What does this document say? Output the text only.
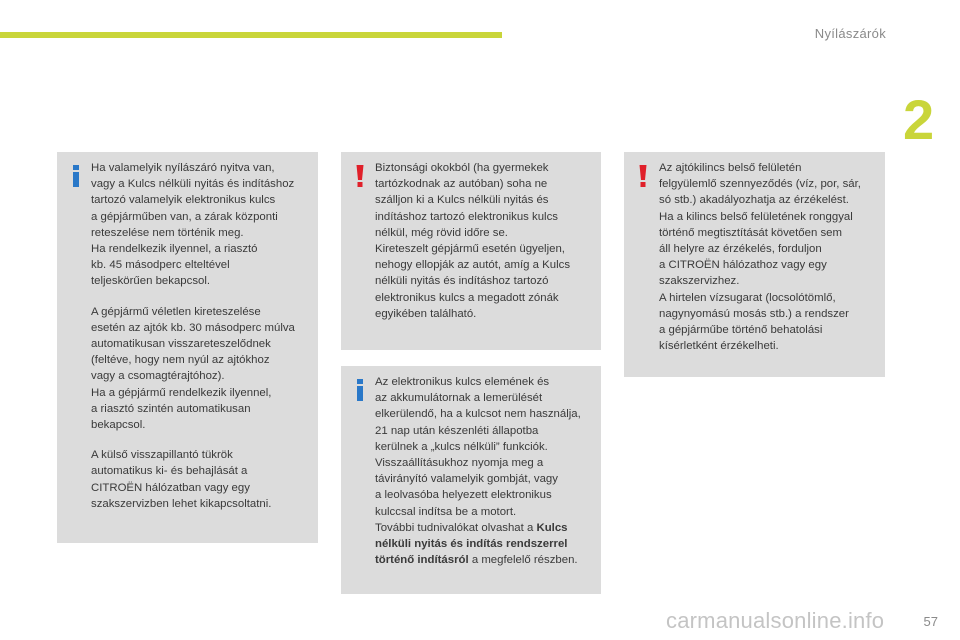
Nyílászárók
2

Ha valamelyik nyílászáró nyitva van,
vagy a Kulcs nélküli nyitás és indításhoz
tartozó valamelyik elektronikus kulcs
a gépjárműben van, a zárak központi
reteszelése nem történik meg.
Ha rendelkezik ilyennel, a riasztó
kb. 45 másodperc elteltével
teljeskörűen bekapcsol.

A gépjármű véletlen kireteszelése
esetén az ajtók kb. 30 másodperc múlva
automatikusan visszareteszelődnek
(feltéve, hogy nem nyúl az ajtókhoz
vagy a csomagtérajtóhoz).
Ha a gépjármű rendelkezik ilyennel,
a riasztó szintén automatikusan
bekapcsol.

A külső visszapillantó tükrök
automatikus ki- és behajlását a
CITROËN hálózatban vagy egy
szakszervizben lehet kikapcsoltatni.

Biztonsági okokból (ha gyermekek
tartózkodnak az autóban) soha ne
szálljon ki a Kulcs nélküli nyitás és
indításhoz tartozó elektronikus kulcs
nélkül, még rövid időre se.
Kireteszelt gépjármű esetén ügyeljen,
nehogy ellopják az autót, amíg a Kulcs
nélküli nyitás és indításhoz tartozó
elektronikus kulcs a megadott zónák
egyikében található.

Az elektronikus kulcs elemének és
az akkumulátornak a lemerülését
elkerülendő, ha a kulcsot nem használja,
21 nap után készenléti állapotba
kerülnek a „kulcs nélküli” funkciók.
Visszaállításukhoz nyomja meg a
távirányító valamelyik gombját, vagy
a leolvasóba helyezett elektronikus
kulccsal indítsa be a motort.
További tudnivalókat olvashat a Kulcs
nélküli nyitás és indítás rendszerrel
történő indításról a megfelelő részben.

Az ajtókilincs belső felületén
felgyülemlő szennyeződés (víz, por, sár,
só stb.) akadályozhatja az érzékelést.
Ha a kilincs belső felületének ronggyal
történő megtisztítását követően sem
áll helyre az érzékelés, forduljon
a CITROËN hálózathoz vagy egy
szakszervizhez.
A hirtelen vízsugarat (locsolótömlő,
nagynyomású mosás stb.) a rendszer
a gépjárműbe történő behatolási
kísérletként érzékelheti.

carmanualsonline.info	57
